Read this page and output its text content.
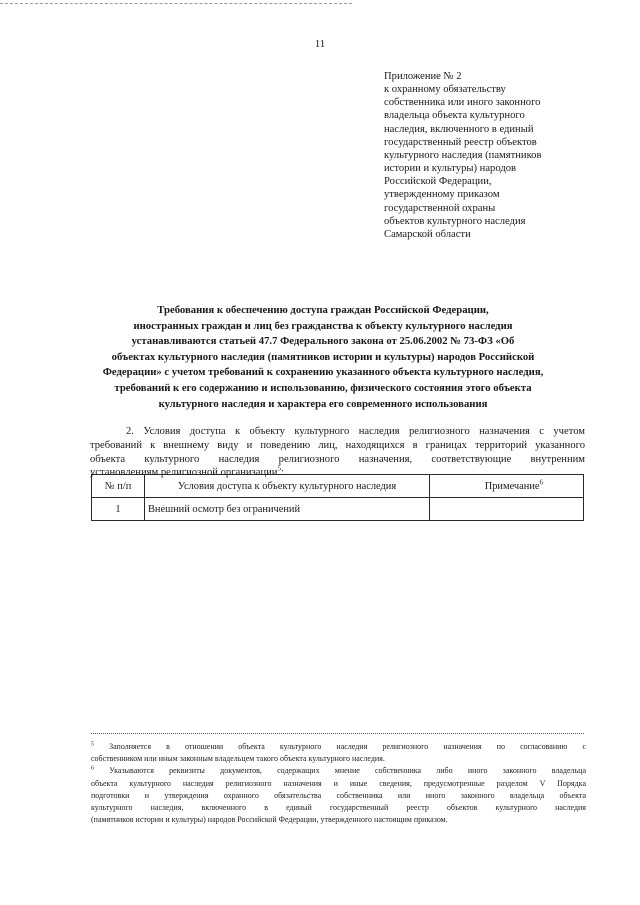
11
Приложение № 2
к охранному обязательству
собственника или иного законного
владельца объекта культурного
наследия, включенного в единый
государственный реестр объектов
культурного наследия (памятников
истории и культуры) народов
Российской Федерации,
утвержденному приказом
государственной охраны
объектов культурного наследия
Самарской области
Требования к обеспечению доступа граждан Российской Федерации,
иностранных граждан и лиц без гражданства к объекту культурного наследия
устанавливаются статьей 47.7 Федерального закона от 25.06.2002 № 73-ФЗ «Об
объектах культурного наследия (памятников истории и культуры) народов Российской
Федерации» с учетом требований к сохранению указанного объекта культурного наследия,
требований к его содержанию и использованию, физического состояния этого объекта
культурного наследия и характера его современного использования
2. Условия доступа к объекту культурного наследия религиозного назначения с учетом
требований к внешнему виду и поведению лиц, находящихся в границах территорий указанного
объекта культурного наследия религиозного назначения, соответствующие внутренним
установлениям религиозной организации$^5$:
№ п/п	Условия доступа к объекту культурного наследия	Примечание$^6$
1	Внешний осмотр без ограничений	
$^5$ Заполняется в отношении объекта культурного наследия религиозного назначения по согласованию с
собственником или иным законным владельцем такого объекта культурного наследия.
$^6$ Указываются реквизиты документов, содержащих мнение собственника либо иного законного владельца
объекта культурного наследия религиозного назначения и иные сведения, предусмотренные разделом V Порядка
подготовки и утверждения охранного обязательства собственника или иного законного владельца объекта
культурного наследия, включенного в единый государственный реестр объектов культурного наследия
(памятников истории и культуры) народов Российской Федерации, утвержденного настоящим приказом.
